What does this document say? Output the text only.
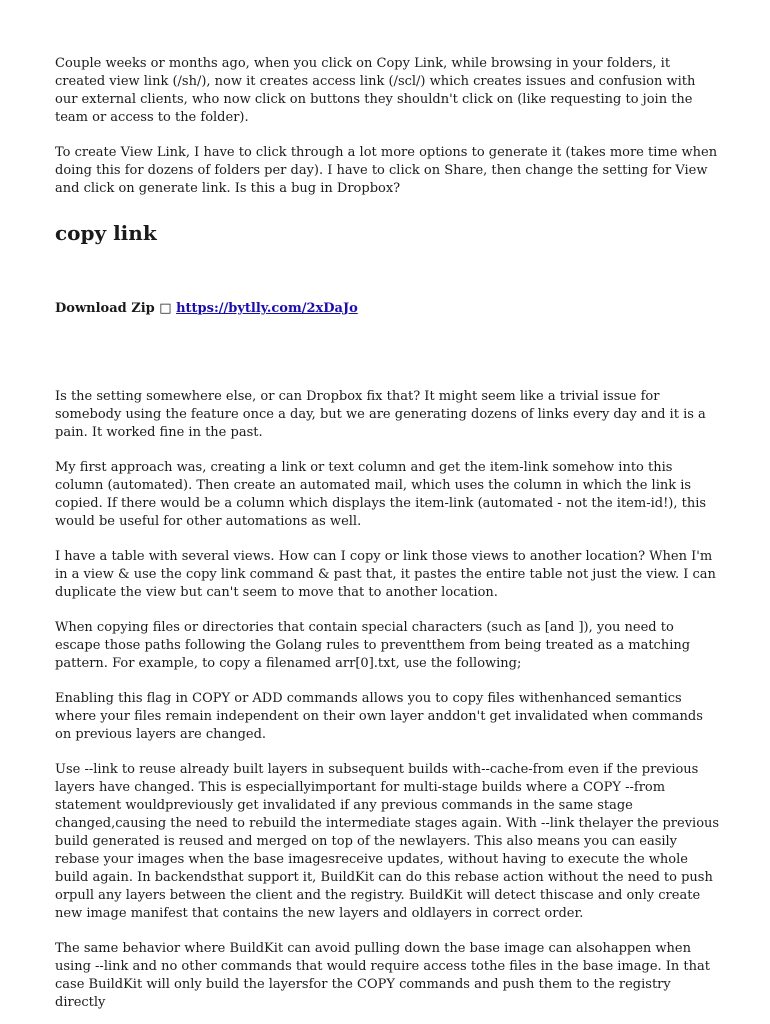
Couple weeks or months ago, when you click on Copy Link, while browsing in your folders, it created view link (/sh/), now it creates access link (/scl/) which creates issues and confusion with our external clients, who now click on buttons they shouldn't click on (like requesting to join the team or access to the folder).

To create View Link, I have to click through a lot more options to generate it (takes more time when doing this for dozens of folders per day). I have to click on Share, then change the setting for View and click on generate link. Is this a bug in Dropbox?

copy link
Download Zip □ https://bytlly.com/2xDaJo

Is the setting somewhere else, or can Dropbox fix that? It might seem like a trivial issue for somebody using the feature once a day, but we are generating dozens of links every day and it is a pain. It worked fine in the past.

My first approach was, creating a link or text column and get the item-link somehow into this column (automated). Then create an automated mail, which uses the column in which the link is copied. If there would be a column which displays the item-link (automated - not the item-id!), this would be useful for other automations as well.

I have a table with several views. How can I copy or link those views to another location? When I'm in a view & use the copy link command & past that, it pastes the entire table not just the view. I can duplicate the view but can't seem to move that to another location.

When copying files or directories that contain special characters (such as [and ]), you need to escape those paths following the Golang rules to preventthem from being treated as a matching pattern. For example, to copy a filenamed arr[0].txt, use the following;

Enabling this flag in COPY or ADD commands allows you to copy files withenhanced semantics where your files remain independent on their own layer anddon't get invalidated when commands on previous layers are changed.

Use --link to reuse already built layers in subsequent builds with--cache-from even if the previous layers have changed. This is especiallyimportant for multi-stage builds where a COPY --from statement wouldpreviously get invalidated if any previous commands in the same stage changed,causing the need to rebuild the intermediate stages again. With --link thelayer the previous build generated is reused and merged on top of the newlayers. This also means you can easily rebase your images when the base imagesreceive updates, without having to execute the whole build again. In backendsthat support it, BuildKit can do this rebase action without the need to push orpull any layers between the client and the registry. BuildKit will detect thiscase and only create new image manifest that contains the new layers and oldlayers in correct order.

The same behavior where BuildKit can avoid pulling down the base image can alsohappen when using --link and no other commands that would require access tothe files in the base image. In that case BuildKit will only build the layersfor the COPY commands and push them to the registry directly
